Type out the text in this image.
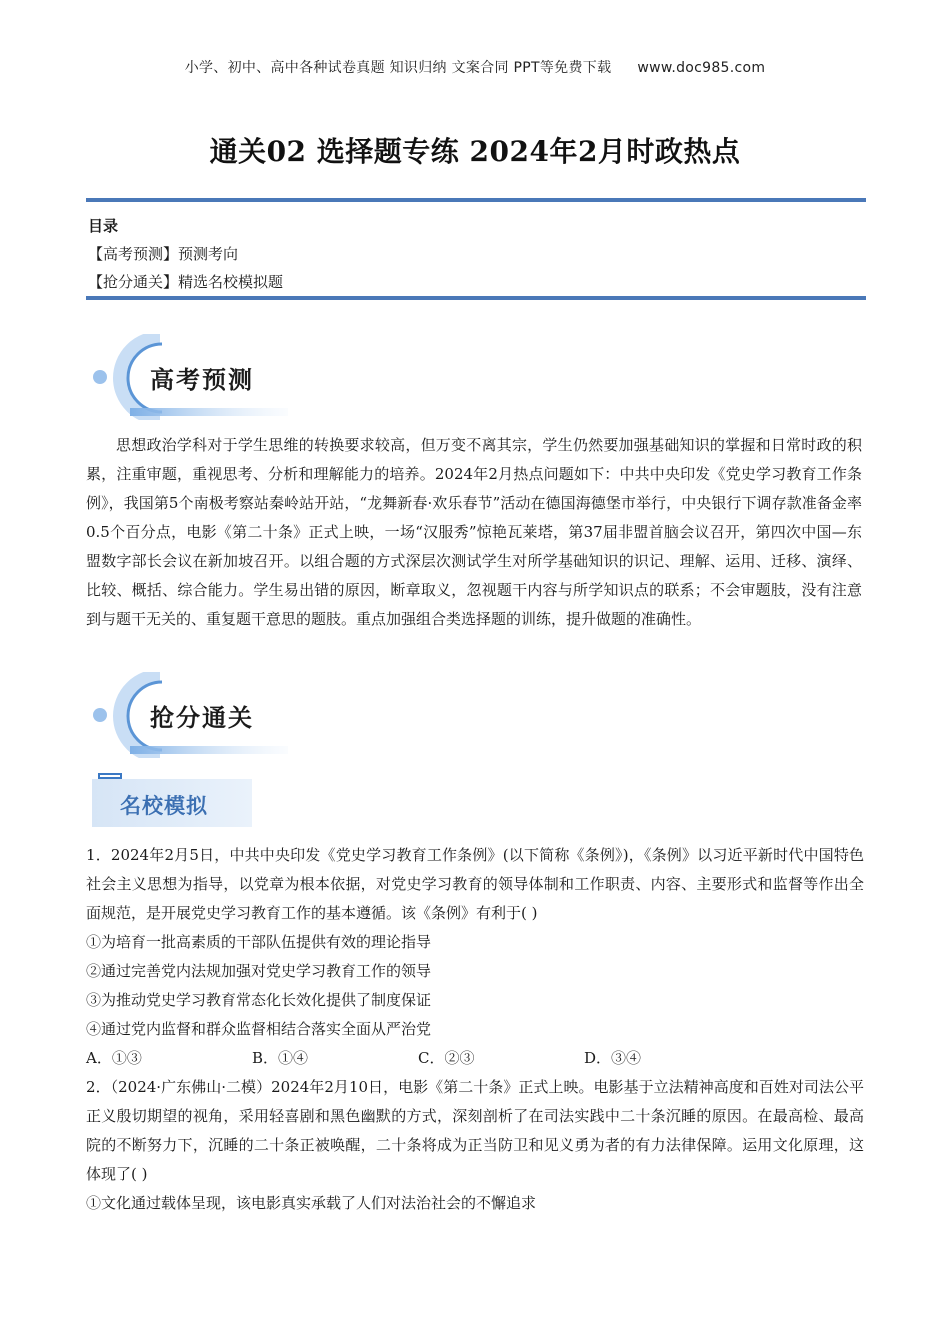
小学、初中、高中各种试卷真题 知识归纳 文案合同 PPT等免费下载 www.doc985.com
通关02 选择题专练 2024年2月时政热点
目录
【高考预测】预测考向
【抢分通关】精选名校模拟题
高考预测
思想政治学科对于学生思维的转换要求较高，但万变不离其宗，学生仍然要加强基础知识的掌握和日常时政的积累，注重审题，重视思考、分析和理解能力的培养。2024年2月热点问题如下：中共中央印发《党史学习教育工作条例》，我国第5个南极考察站秦岭站开站，“龙舞新春·欢乐春节”活动在德国海德堡市举行，中央银行下调存款准备金率0.5个百分点，电影《第二十条》正式上映，一场“汉服秀”惊艳瓦莱塔，第37届非盟首脑会议召开，第四次中国—东盟数字部长会议在新加坡召开。以组合题的方式深层次测试学生对所学基础知识的识记、理解、运用、迁移、演绎、比较、概括、综合能力。学生易出错的原因，断章取义，忽视题干内容与所学知识点的联系；不会审题肢，没有注意到与题干无关的、重复题干意思的题肢。重点加强组合类选择题的训练，提升做题的准确性。
抢分通关
名校模拟
1．2024年2月5日，中共中央印发《党史学习教育工作条例》(以下简称《条例》)，《条例》以习近平新时代中国特色社会主义思想为指导，以党章为根本依据，对党史学习教育的领导体制和工作职责、内容、主要形式和监督等作出全面规范，是开展党史学习教育工作的基本遵循。该《条例》有利于( )
①为培育一批高素质的干部队伍提供有效的理论指导
②通过完善党内法规加强对党史学习教育工作的领导
③为推动党史学习教育常态化长效化提供了制度保证
④通过党内监督和群众监督相结合落实全面从严治党
A．①③	B．①④	C．②③	D．③④
2．（2024·广东佛山·二模）2024年2月10日，电影《第二十条》正式上映。电影基于立法精神高度和百姓对司法公平正义殷切期望的视角，采用轻喜剧和黑色幽默的方式，深刻剖析了在司法实践中二十条沉睡的原因。在最高检、最高院的不断努力下，沉睡的二十条正被唤醒，二十条将成为正当防卫和见义勇为者的有力法律保障。运用文化原理，这体现了( )
①文化通过载体呈现，该电影真实承载了人们对法治社会的不懈追求
